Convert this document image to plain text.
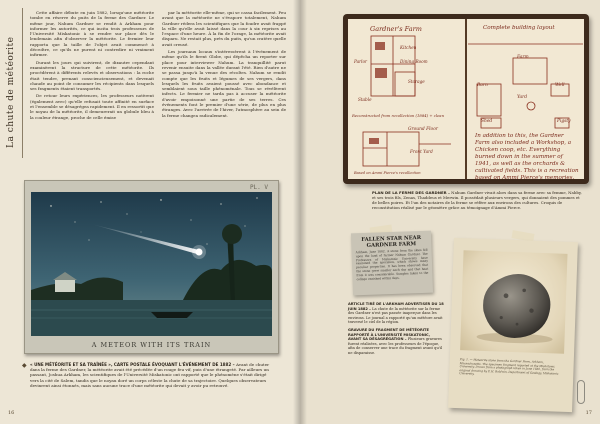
La chute de météorite

Cette affaire débute en juin 1882, lorsqu'une météorite tombe en réserve du puits de la ferme des Gardner. Le même jour, Nahum Gardner se rendit à Arkham pour informer les autorités, ce qui incita trois professeurs de l'Université Miskatonic à se rendre sur place dès le lendemain afin d'observer la météorite. Le fermier leur rapporta que la taille de l'objet avait commencé à décroître, ce qu'ils ne purent ni contredire ni vraiment infirmer.

Durant les jours qui suivirent, de dixautre cependant examinèrent la structure de cette météorite. Ils procédèrent à différents relevés et observations : la roche était tendre, prenant consciencieusement, et devenait chaude au point de consumer les récipients dans lesquels ses fragments étaient transportés.

De retour leurs expériences, les professeurs notèrent (également avec) qu'elle refusait toute affinité en surface et l'ensemble se désagrégea rapidement. Il en ressortit que le noyau de la météorite, il demeurerait un globule bleu à la couleur étrange, proche de celle émise

par la météorite elle-même, qui se cassa facilement. Peu avant que la météorite ne s'évapore totalement, Nahum Gardner rédera les scientifiques que la foudre avait frappé la ville qu'elle avait laissé dans la cour à six reprises au l'espace d'une heure. À la fin de l'orage, la météorite avait disparu. Ne restait plus, près du puits, qu'un cratère quelle avait creusé.

Les journaux locaux s'intéressèrent à l'événement de même qu'ils le firent Globe, qui dépêcha un reporter sur place pour interviewer Nahum. La tranquillité parut revenir ensuite dans la vallée durant l'été. Rien d'autre ne se passa jusqu'à la venue des récoltes. Nahum se rendit compte que les fruits et légumes de ses vergers, dans lesquels les fruits avaient poussé avec abondance et semblaient sous taille phénoménale. Tous se révélèrent infects. Le fermier ne tarda pas à accuser la météorite d'avoir empoisonné une partie de ses terres. Ces événements font le premier d'une série, de plus en plus étranges. Avec l'arrivée de l'hiver, l'atmosphère au sein de la ferme changea radicalement.

PL. V
A METEOR WITH ITS TRAIN
◆ « UNE MÉTÉORITE ET SA TRAÎNÉE », CARTE POSTALE ÉVOQUANT L'ÉVÉNEMENT DE 1882 – Avant de chuter dans la ferme des Gardner, la météorite avait été précédée d'un rouge feu vif, puis d'une étrangeté. Par ailleurs un passant, Joshua Arkham, les scientifiques de l'Université Miskatonic ont rapporté que le phénomène s'était dirigé vers la cité de Salem, tandis que le noyau doré un corps céleste la chute de sa trajectoire. Quelques observateurs devinrent ainsi étonnés, mais sans aucune trace d'une météorite qui devait y avoir pu retrouvé.
16	17
Gardner's Farm
Parlor
Kitchen
Dining Room
Storage
Stable
Ground Floor
Front Yard
Reconstructed from recollection (1884) + clean
Based on Ammi Pierce's recollection
Complete building layout
Farm
Barn
Yard
Well
Shed	Pigsty
In addition to this, the Gardner Farm also included a Workshop, a Chicken coop, etc. Everything burned down in the summer of 1941, as well as the orchards & cultivated fields. This is a recreation based on Ammi Pierce's memories.
PLAN DE LA FERME DES GARDNER – Nahum Gardner vivait alors dans sa ferme avec sa femme, Nabby, et ses trois fils, Zenas, Thaddeus et Merwin. Il possédait plusieurs vergers, qui donnaient des pommes et de belles poires. Et l'un des notaires de la ferme se réfère aux environs des cultures. Croquis de reconstitution réalisé par le géomètre grâce au témoignage d'Ammi Pierce.
FALLEN STAR NEAR GARDNER FARM
Arkham, June 1882. A stone from the skies fell upon the land of farmer Nahum Gardner. The Professors of Miskatonic University have examined the specimen, which shows many peculiar properties. It has been observed that the stone grew smaller each day and that heat from it was considerable. Samples taken to the college vanished within days.

ARTICLE TIRÉ DE L'ARKHAM ADVERTISER DU 18 JUIN 1882 – La chute de la météorite sur la ferme des Gardner n'est pas passée inaperçue dans les environs. Le journal a rapporté qu'un météore avait traversé le ciel de la région.

GRAVURE DU FRAGMENT DE MÉTÉORITE RAPPORTÉ À L'UNIVERSITÉ MISKATONIC, AVANT SA DÉSAGRÉGATION – Plusieurs gravures furent réalisées, avec les professeurs de l'époque, afin de conserver une trace du fragment avant qu'il ne disparaisse.

Fig. 1. — Meteorite stone from the Gardner Farm, Arkham, Massachusetts. The specimen fragment reported at the Miskatonic University. Drawn from a photograph taken in June 1882, from the original drawing by E.H. Baldwin, Department of Geology, Miskatonic University.
